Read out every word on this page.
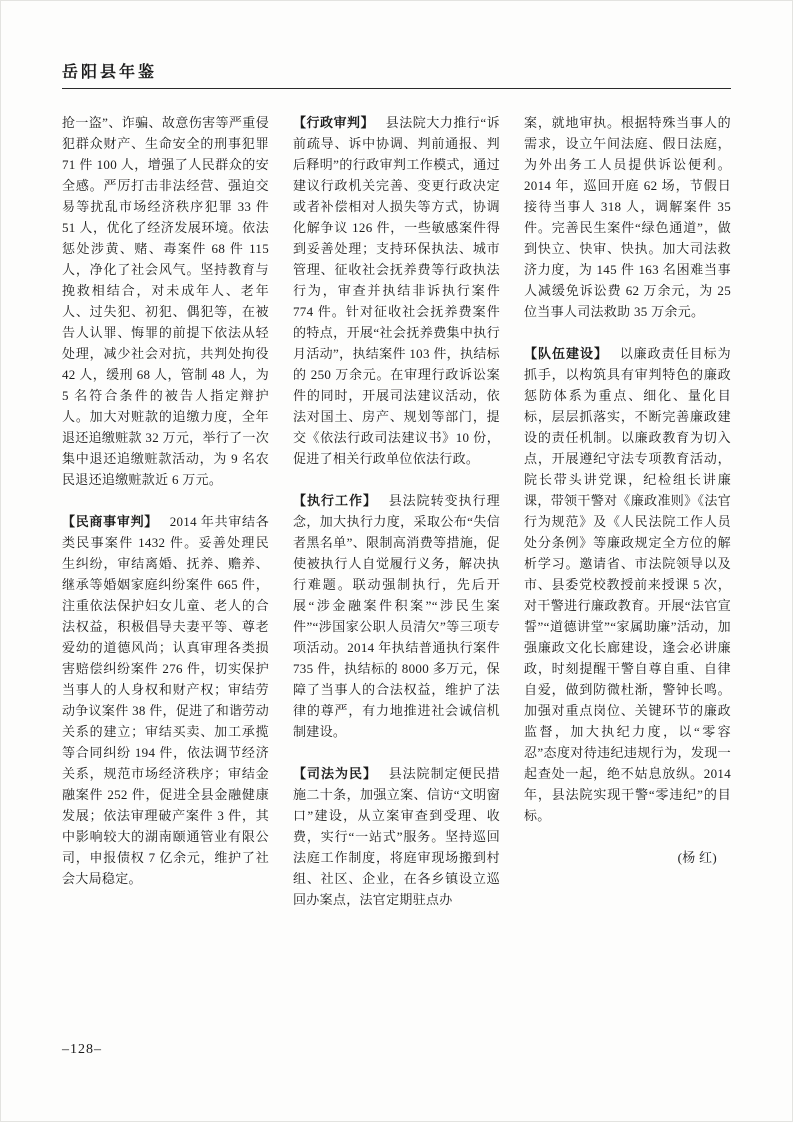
岳阳县年鉴

抢一盗”、诈骗、故意伤害等严重侵犯群众财产、生命安全的刑事犯罪 71 件 100 人，增强了人民群众的安全感。严厉打击非法经营、强迫交易等扰乱市场经济秩序犯罪 33 件 51 人，优化了经济发展环境。依法惩处涉黄、赌、毒案件 68 件 115 人，净化了社会风气。坚持教育与挽救相结合，对未成年人、老年人、过失犯、初犯、偶犯等，在被告人认罪、悔罪的前提下依法从轻处理，减少社会对抗，共判处拘役 42 人，缓刑 68 人，管制 48 人，为 5 名符合条件的被告人指定辩护人。加大对赃款的追缴力度，全年退还追缴赃款 32 万元，举行了一次集中退还追缴赃款活动，为 9 名农民退还追缴赃款近 6 万元。

【民商事审判】 2014 年共审结各类民事案件 1432 件。妥善处理民生纠纷，审结离婚、抚养、赡养、继承等婚姻家庭纠纷案件 665 件，注重依法保护妇女儿童、老人的合法权益，积极倡导夫妻平等、尊老爱幼的道德风尚；认真审理各类损害赔偿纠纷案件 276 件，切实保护当事人的人身权和财产权；审结劳动争议案件 38 件，促进了和谐劳动关系的建立；审结买卖、加工承揽等合同纠纷 194 件，依法调节经济关系，规范市场经济秩序；审结金融案件 252 件，促进全县金融健康发展；依法审理破产案件 3 件，其中影响较大的湖南颐通管业有限公司，申报债权 7 亿余元，维护了社会大局稳定。

【行政审判】 县法院大力推行“诉前疏导、诉中协调、判前通报、判后释明”的行政审判工作模式，通过建议行政机关完善、变更行政决定或者补偿相对人损失等方式，协调化解争议 126 件，一些敏感案件得到妥善处理；支持环保执法、城市管理、征收社会抚养费等行政执法行为，审查并执结非诉执行案件 774 件。针对征收社会抚养费案件的特点，开展“社会抚养费集中执行月活动”，执结案件 103 件，执结标的 250 万余元。在审理行政诉讼案件的同时，开展司法建议活动，依法对国土、房产、规划等部门，提交《依法行政司法建议书》10 份，促进了相关行政单位依法行政。

【执行工作】 县法院转变执行理念，加大执行力度，采取公布“失信者黑名单”、限制高消费等措施，促使被执行人自觉履行义务，解决执行难题。联动强制执行，先后开展“涉金融案件积案”“涉民生案件”“涉国家公职人员清欠”等三项专项活动。2014 年执结普通执行案件 735 件，执结标的 8000 多万元，保障了当事人的合法权益，维护了法律的尊严，有力地推进社会诚信机制建设。

【司法为民】 县法院制定便民措施二十条，加强立案、信访“文明窗口”建设，从立案审查到受理、收费，实行“一站式”服务。坚持巡回法庭工作制度，将庭审现场搬到村组、社区、企业，在各乡镇设立巡回办案点，法官定期驻点办

案，就地审执。根据特殊当事人的需求，设立午间法庭、假日法庭，为外出务工人员提供诉讼便利。2014 年，巡回开庭 62 场，节假日接待当事人 318 人，调解案件 35 件。完善民生案件“绿色通道”，做到快立、快审、快执。加大司法救济力度，为 145 件 163 名困难当事人减缓免诉讼费 62 万余元，为 25 位当事人司法救助 35 万余元。

【队伍建设】 以廉政责任目标为抓手，以构筑具有审判特色的廉政惩防体系为重点、细化、量化目标，层层抓落实，不断完善廉政建设的责任机制。以廉政教育为切入点，开展遵纪守法专项教育活动，院长带头讲党课，纪检组长讲廉课，带领干警对《廉政准则》《法官行为规范》及《人民法院工作人员处分条例》等廉政规定全方位的解析学习。邀请省、市法院领导以及市、县委党校教授前来授课 5 次，对干警进行廉政教育。开展“法官宣誓”“道德讲堂”“家属助廉”活动，加强廉政文化长廊建设，逢会必讲廉政，时刻提醒干警自尊自重、自律自爱，做到防微杜渐，警钟长鸣。加强对重点岗位、关键环节的廉政监督，加大执纪力度，以“零容忍”态度对待违纪违规行为，发现一起查处一起，绝不姑息放纵。2014 年，县法院实现干警“零违纪”的目标。

(杨 红)

–128–
